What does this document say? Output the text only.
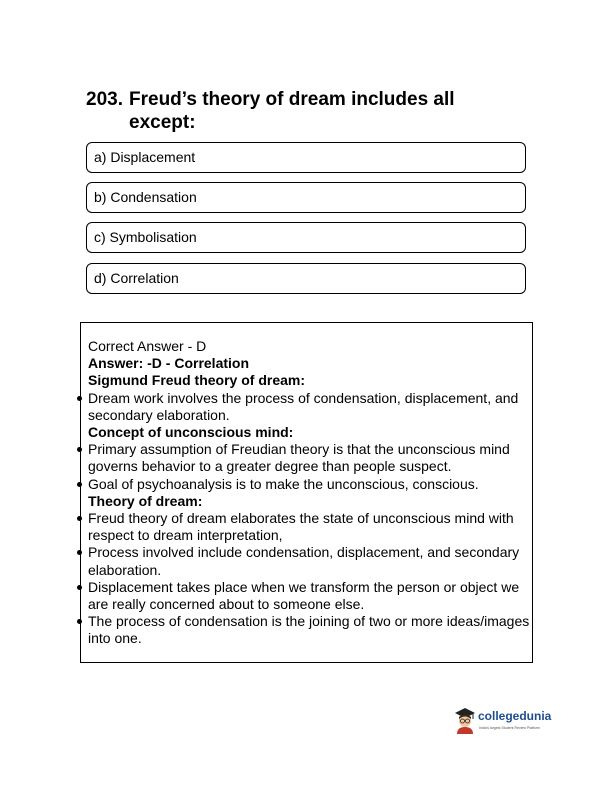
203. Freud’s theory of dream includes all except:
a) Displacement
b) Condensation
c) Symbolisation
d) Correlation

Correct Answer - D

Answer: -D - Correlation

Sigmund Freud theory of dream:

Dream work involves the process of condensation, displacement, and secondary elaboration.

Concept of unconscious mind:

Primary assumption of Freudian theory is that the unconscious mind governs behavior to a greater degree than people suspect.

Goal of psychoanalysis is to make the unconscious, conscious.

Theory of dream:

Freud theory of dream elaborates the state of unconscious mind with respect to dream interpretation,

Process involved include condensation, displacement, and secondary elaboration.

Displacement takes place when we transform the person or object we are really concerned about to someone else.

The process of condensation is the joining of two or more ideas/images into one.

collegedunia
India's largest Student Review Platform
